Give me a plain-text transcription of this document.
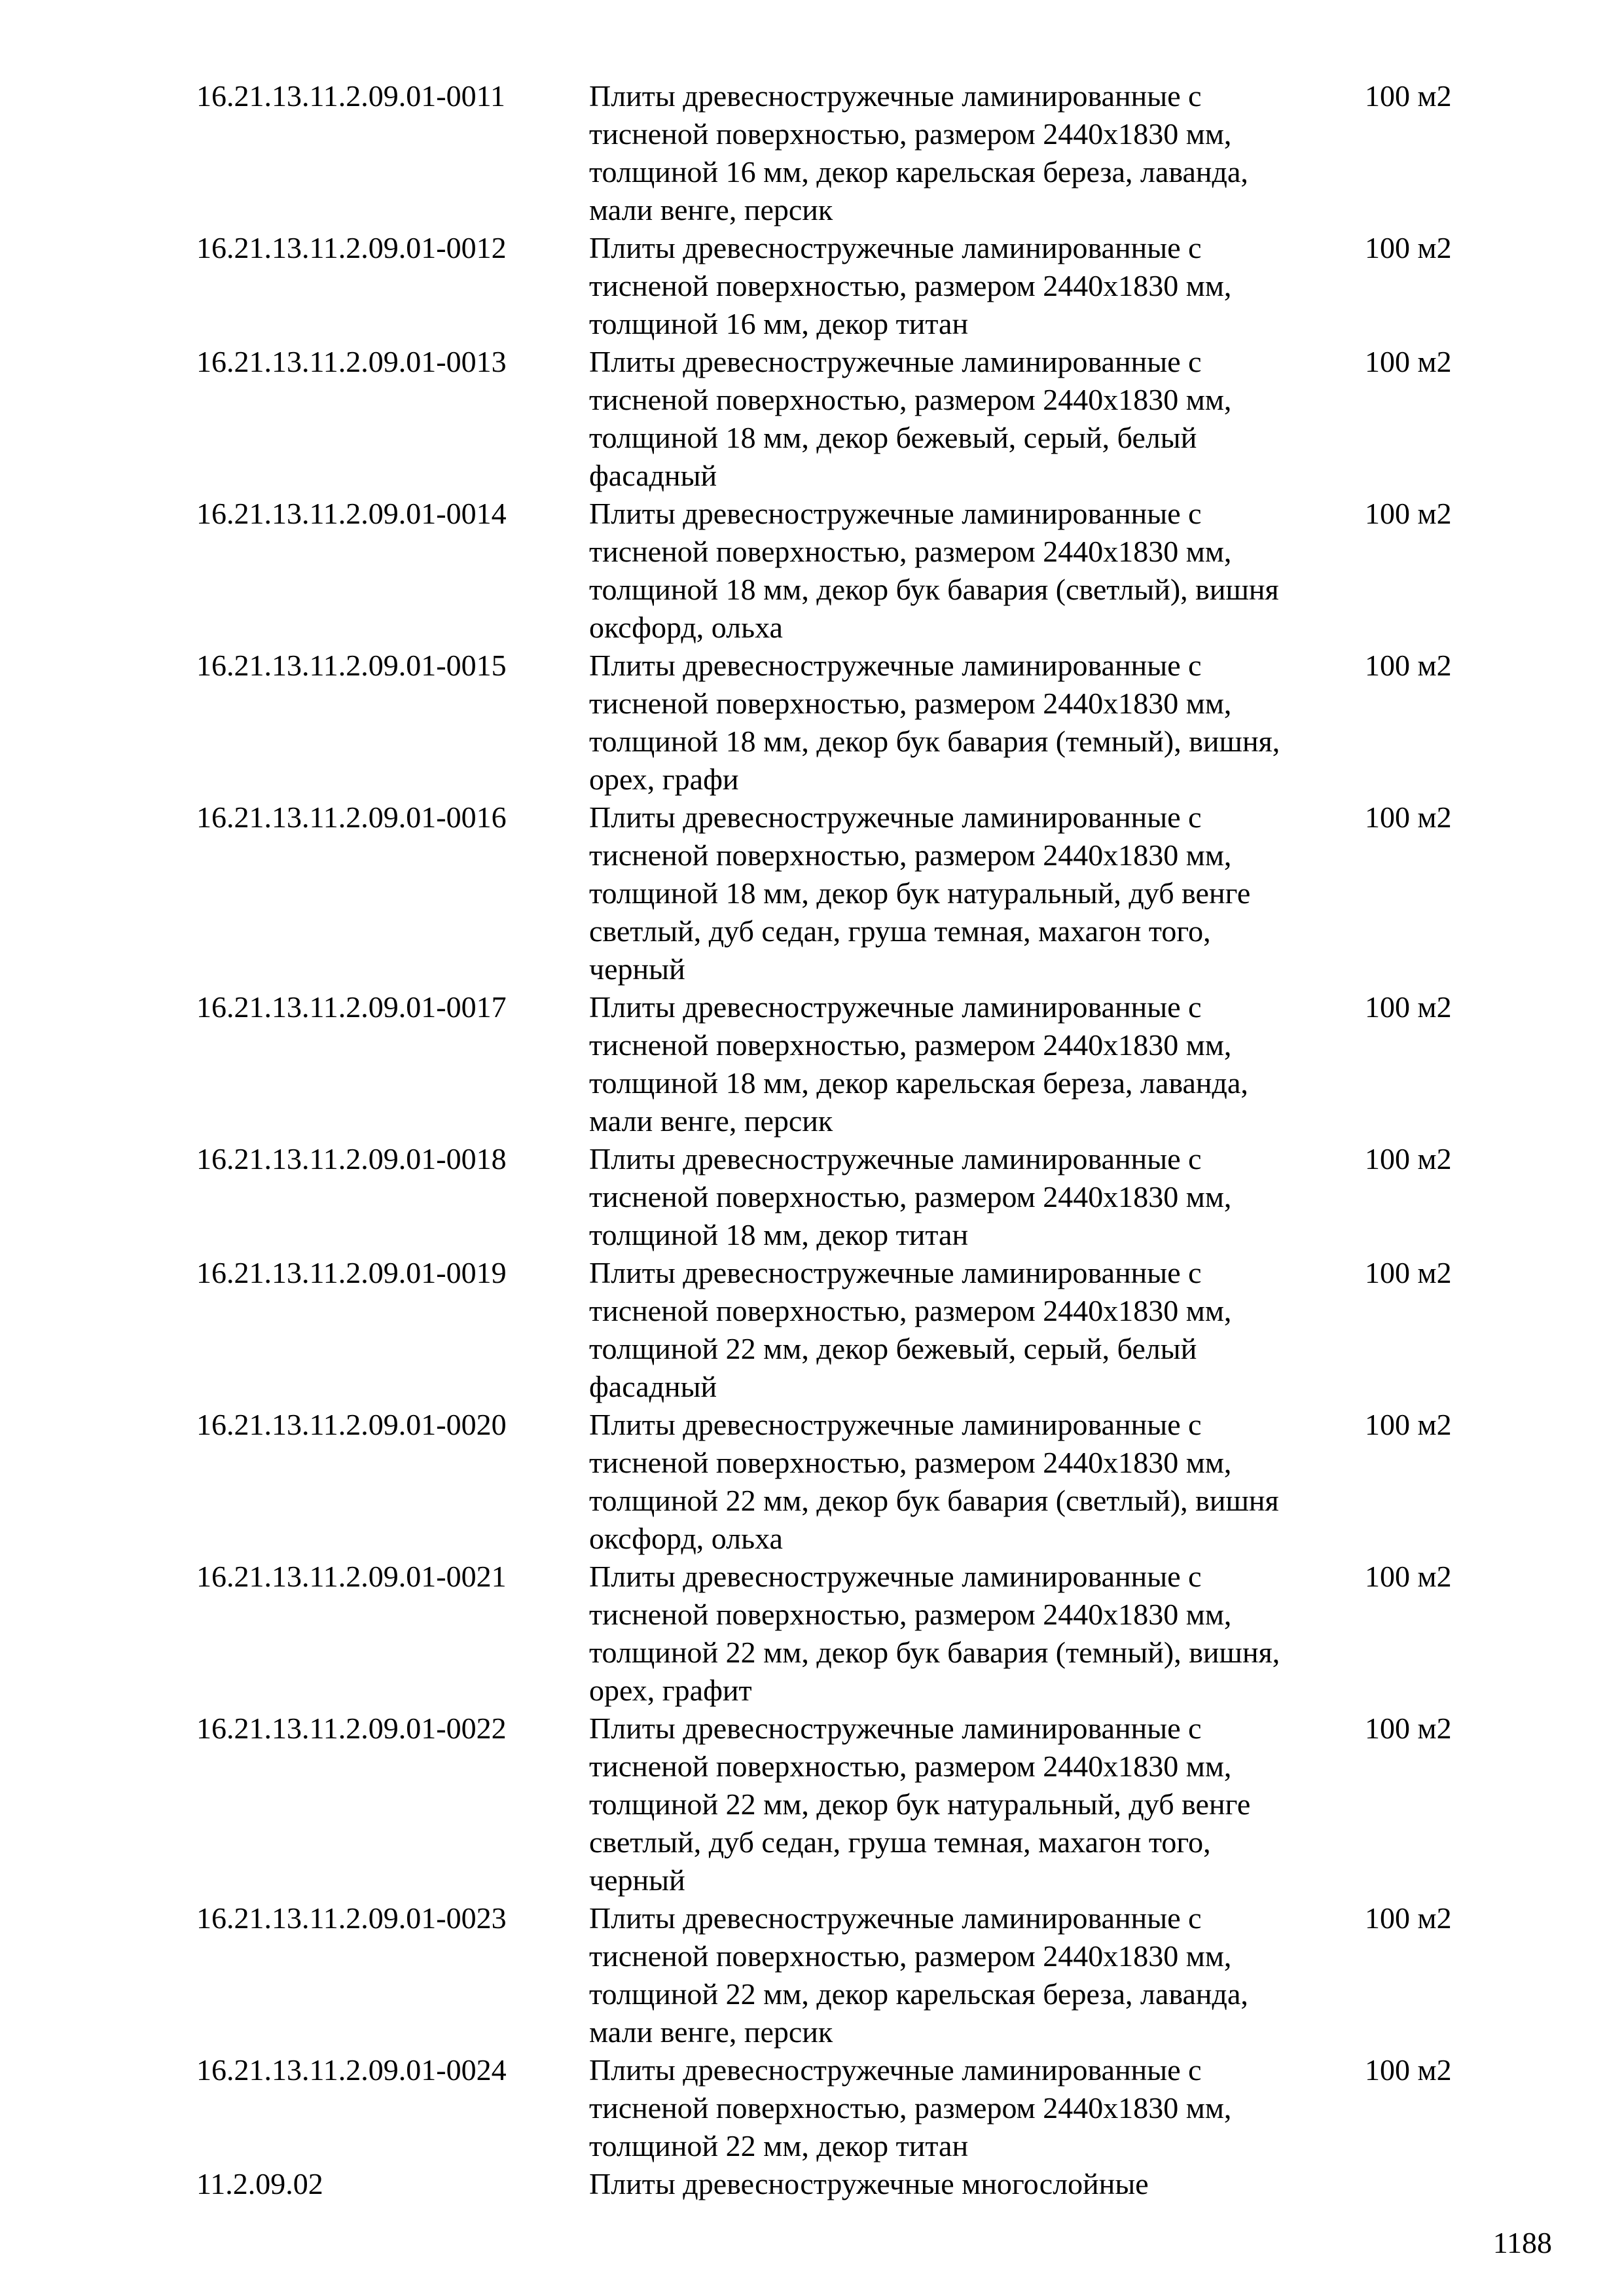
16.21.13.11.2.09.01-0011	Плиты древесностружечные ламинированные с
тисненой поверхностью, размером 2440x1830 мм,
толщиной 16 мм, декор карельская береза, лаванда,
мали венге, персик
100 м2
16.21.13.11.2.09.01-0012	Плиты древесностружечные ламинированные с
тисненой поверхностью, размером 2440x1830 мм,
толщиной 16 мм, декор титан
100 м2
16.21.13.11.2.09.01-0013	Плиты древесностружечные ламинированные с
тисненой поверхностью, размером 2440x1830 мм,
толщиной 18 мм, декор бежевый, серый, белый
фасадный
100 м2
16.21.13.11.2.09.01-0014	Плиты древесностружечные ламинированные с
тисненой поверхностью, размером 2440x1830 мм,
толщиной 18 мм, декор бук бавария (светлый), вишня
оксфорд, ольха
100 м2
16.21.13.11.2.09.01-0015	Плиты древесностружечные ламинированные с
тисненой поверхностью, размером 2440x1830 мм,
толщиной 18 мм, декор бук бавария (темный), вишня,
орех, графи
100 м2
16.21.13.11.2.09.01-0016	Плиты древесностружечные ламинированные с
тисненой поверхностью, размером 2440x1830 мм,
толщиной 18 мм, декор бук натуральный, дуб венге
светлый, дуб седан, груша темная, махагон того,
черный
100 м2
16.21.13.11.2.09.01-0017	Плиты древесностружечные ламинированные с
тисненой поверхностью, размером 2440x1830 мм,
толщиной 18 мм, декор карельская береза, лаванда,
мали венге, персик
100 м2
16.21.13.11.2.09.01-0018	Плиты древесностружечные ламинированные с
тисненой поверхностью, размером 2440x1830 мм,
толщиной 18 мм, декор титан
100 м2
16.21.13.11.2.09.01-0019	Плиты древесностружечные ламинированные с
тисненой поверхностью, размером 2440x1830 мм,
толщиной 22 мм, декор бежевый, серый, белый
фасадный
100 м2
16.21.13.11.2.09.01-0020	Плиты древесностружечные ламинированные с
тисненой поверхностью, размером 2440x1830 мм,
толщиной 22 мм, декор бук бавария (светлый), вишня
оксфорд, ольха
100 м2
16.21.13.11.2.09.01-0021	Плиты древесностружечные ламинированные с
тисненой поверхностью, размером 2440x1830 мм,
толщиной 22 мм, декор бук бавария (темный), вишня,
орех, графит
100 м2
16.21.13.11.2.09.01-0022	Плиты древесностружечные ламинированные с
тисненой поверхностью, размером 2440x1830 мм,
толщиной 22 мм, декор бук натуральный, дуб венге
светлый, дуб седан, груша темная, махагон того,
черный
100 м2
16.21.13.11.2.09.01-0023	Плиты древесностружечные ламинированные с
тисненой поверхностью, размером 2440x1830 мм,
толщиной 22 мм, декор карельская береза, лаванда,
мали венге, персик
100 м2
16.21.13.11.2.09.01-0024	Плиты древесностружечные ламинированные с
тисненой поверхностью, размером 2440x1830 мм,
толщиной 22 мм, декор титан
100 м2
11.2.09.02	Плиты древесностружечные многослойные
1188
